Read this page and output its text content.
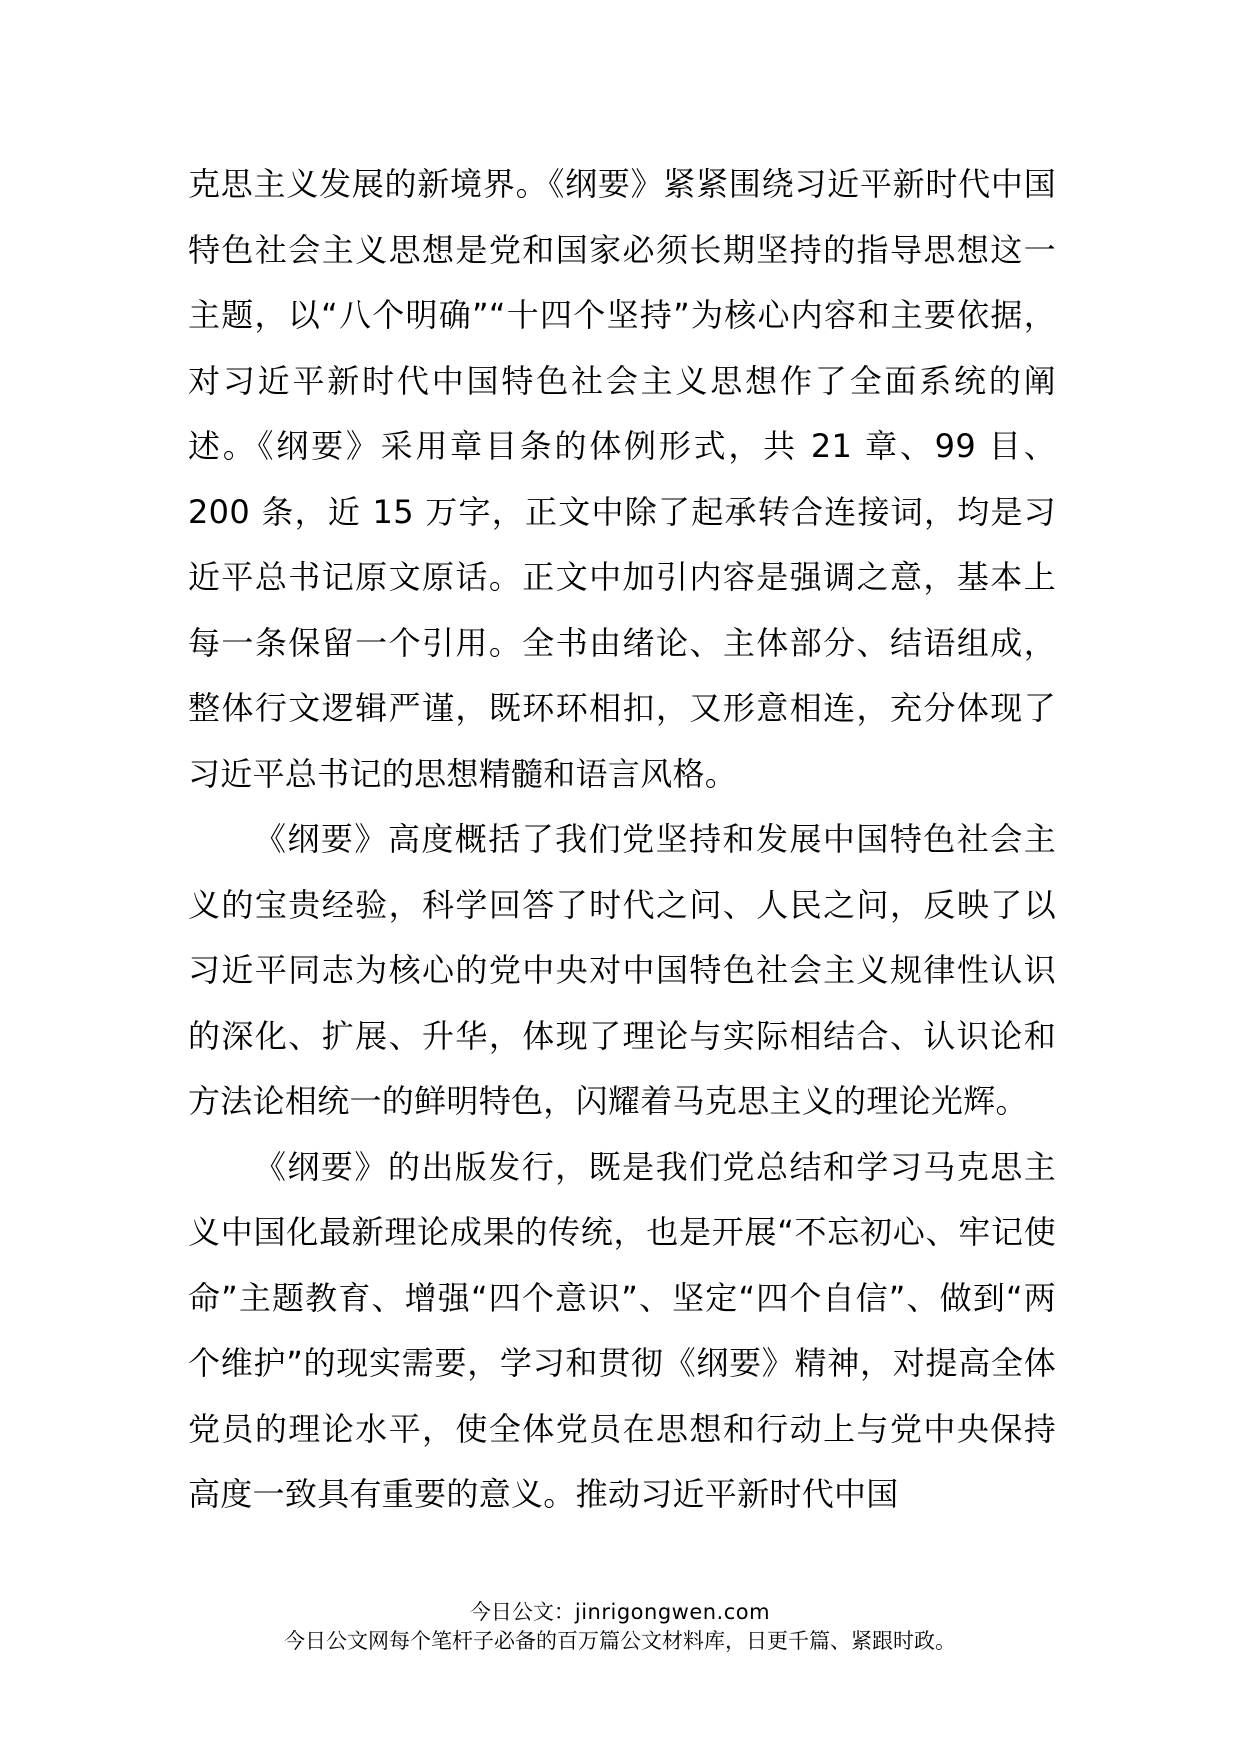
克思主义发展的新境界。《纲要》紧紧围绕习近平新时代中国特色社会主义思想是党和国家必须长期坚持的指导思想这一主题，以“八个明确”“十四个坚持”为核心内容和主要依据，对习近平新时代中国特色社会主义思想作了全面系统的阐述。《纲要》采用章目条的体例形式，共 21 章、99 目、200 条，近 15 万字，正文中除了起承转合连接词，均是习近平总书记原文原话。正文中加引内容是强调之意，基本上每一条保留一个引用。全书由绪论、主体部分、结语组成，整体行文逻辑严谨，既环环相扣，又形意相连，充分体现了习近平总书记的思想精髓和语言风格。

《纲要》高度概括了我们党坚持和发展中国特色社会主义的宝贵经验，科学回答了时代之问、人民之问，反映了以习近平同志为核心的党中央对中国特色社会主义规律性认识的深化、扩展、升华，体现了理论与实际相结合、认识论和方法论相统一的鲜明特色，闪耀着马克思主义的理论光辉。

《纲要》的出版发行，既是我们党总结和学习马克思主义中国化最新理论成果的传统，也是开展“不忘初心、牢记使命”主题教育、增强“四个意识”、坚定“四个自信”、做到“两个维护”的现实需要，学习和贯彻《纲要》精神，对提高全体党员的理论水平，使全体党员在思想和行动上与党中央保持高度一致具有重要的意义。推动习近平新时代中国

今日公文：jinrigongwen.com
今日公文网每个笔杆子必备的百万篇公文材料库，日更千篇、紧跟时政。
